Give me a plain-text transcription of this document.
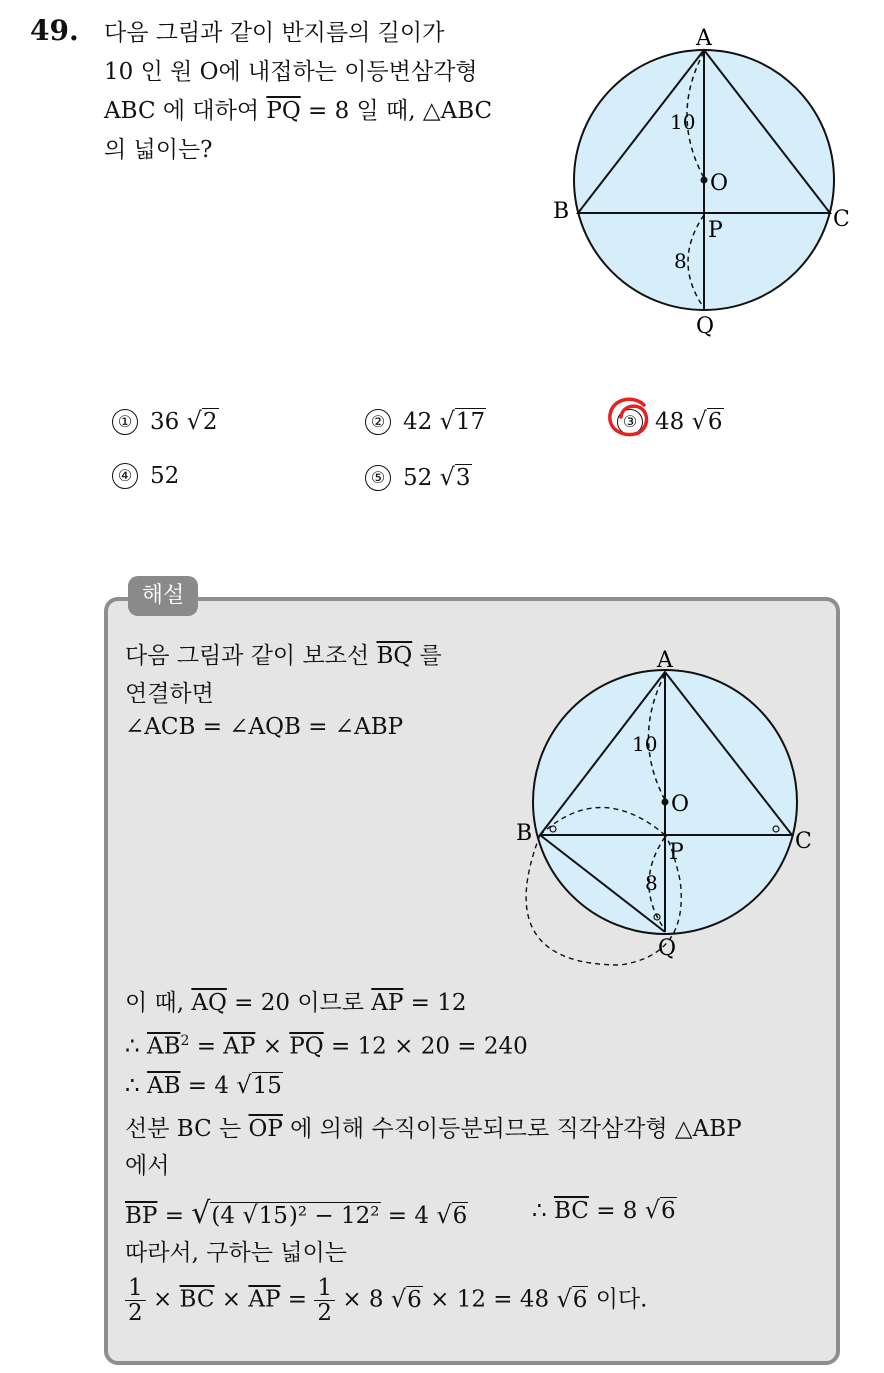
49. 다음 그림과 같이 반지름의 길이가
10 인 원 O에 내접하는 이등변삼각형
ABC 에 대하여 $\overline{PQ} = 8$ 일 때, △ABC
의 넓이는?
A
B	C
O
P
Q
10
8
① 36 √2	② 42 √17	③ 48 √6
④ 52	⑤ 52 √3
해설
다음 그림과 같이 보조선 $\overline{BQ}$ 를
연결하면
∠ACB = ∠AQB = ∠ABP
A
B	C
O
P
Q
10
8
이 때, $\overline{AQ} = 20$ 이므로 $\overline{AP} = 12$
∴ $\overline{AB}^2 = \overline{AP} \times \overline{PQ} = 12 \times 20 = 240$
∴ $\overline{AB} = 4$ √15
선분 BC 는 $\overline{OP}$ 에 의해 수직이등분되므로 직각삼각형 △ABP
에서
$\overline{BP} = √(4$ √15)² − 12² = 4 √6	∴ $\overline{BC} = 8$ √6
따라서, 구하는 넓이는
$\frac{1}{2} \times \overline{BC} \times \overline{AP} = \frac{1}{2} \times 8$ √6 × 12 = 48 √6 이다.
